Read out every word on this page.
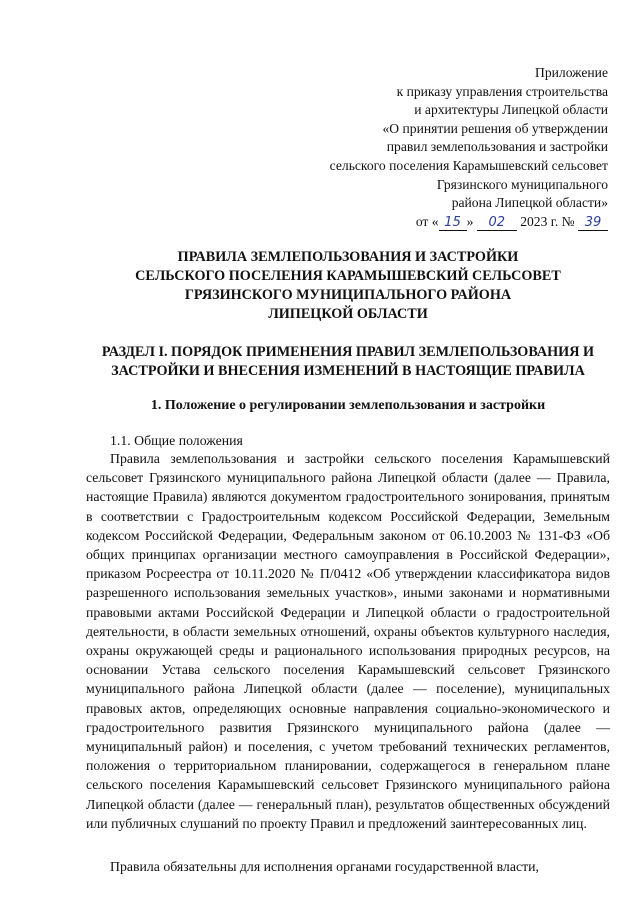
Приложение
к приказу управления строительства
и архитектуры Липецкой области
«О принятии решения об утверждении
правил землепользования и застройки
сельского поселения Карамышевский сельсовет
Грязинского муниципального
района Липецкой области»
от « 15 » 02 2023 г. № 39
ПРАВИЛА ЗЕМЛЕПОЛЬЗОВАНИЯ И ЗАСТРОЙКИ
СЕЛЬСКОГО ПОСЕЛЕНИЯ КАРАМЫШЕВСКИЙ СЕЛЬСОВЕТ
ГРЯЗИНСКОГО МУНИЦИПАЛЬНОГО РАЙОНА
ЛИПЕЦКОЙ ОБЛАСТИ
РАЗДЕЛ I. ПОРЯДОК ПРИМЕНЕНИЯ ПРАВИЛ ЗЕМЛЕПОЛЬЗОВАНИЯ И
ЗАСТРОЙКИ И ВНЕСЕНИЯ ИЗМЕНЕНИЙ В НАСТОЯЩИЕ ПРАВИЛА
1. Положение о регулировании землепользования и застройки
1.1. Общие положения

Правила землепользования и застройки сельского поселения Карамышевский сельсовет Грязинского муниципального района Липецкой области (далее — Правила, настоящие Правила) являются документом градостроительного зонирования, принятым в соответствии с Градостроительным кодексом Российской Федерации, Земельным кодексом Российской Федерации, Федеральным законом от 06.10.2003 № 131-ФЗ «Об общих принципах организации местного самоуправления в Российской Федерации», приказом Росреестра от 10.11.2020 № П/0412 «Об утверждении классификатора видов разрешенного использования земельных участков», иными законами и нормативными правовыми актами Российской Федерации и Липецкой области о градостроительной деятельности, в области земельных отношений, охраны объектов культурного наследия, охраны окружающей среды и рационального использования природных ресурсов, на основании Устава сельского поселения Карамышевский сельсовет Грязинского муниципального района Липецкой области (далее — поселение), муниципальных правовых актов, определяющих основные направления социально-экономического и градостроительного развития Грязинского муниципального района (далее — муниципальный район) и поселения, с учетом требований технических регламентов, положения о территориальном планировании, содержащегося в генеральном плане сельского поселения Карамышевский сельсовет Грязинского муниципального района Липецкой области (далее — генеральный план), результатов общественных обсуждений или публичных слушаний по проекту Правил и предложений заинтересованных лиц.

Правила обязательны для исполнения органами государственной власти,
